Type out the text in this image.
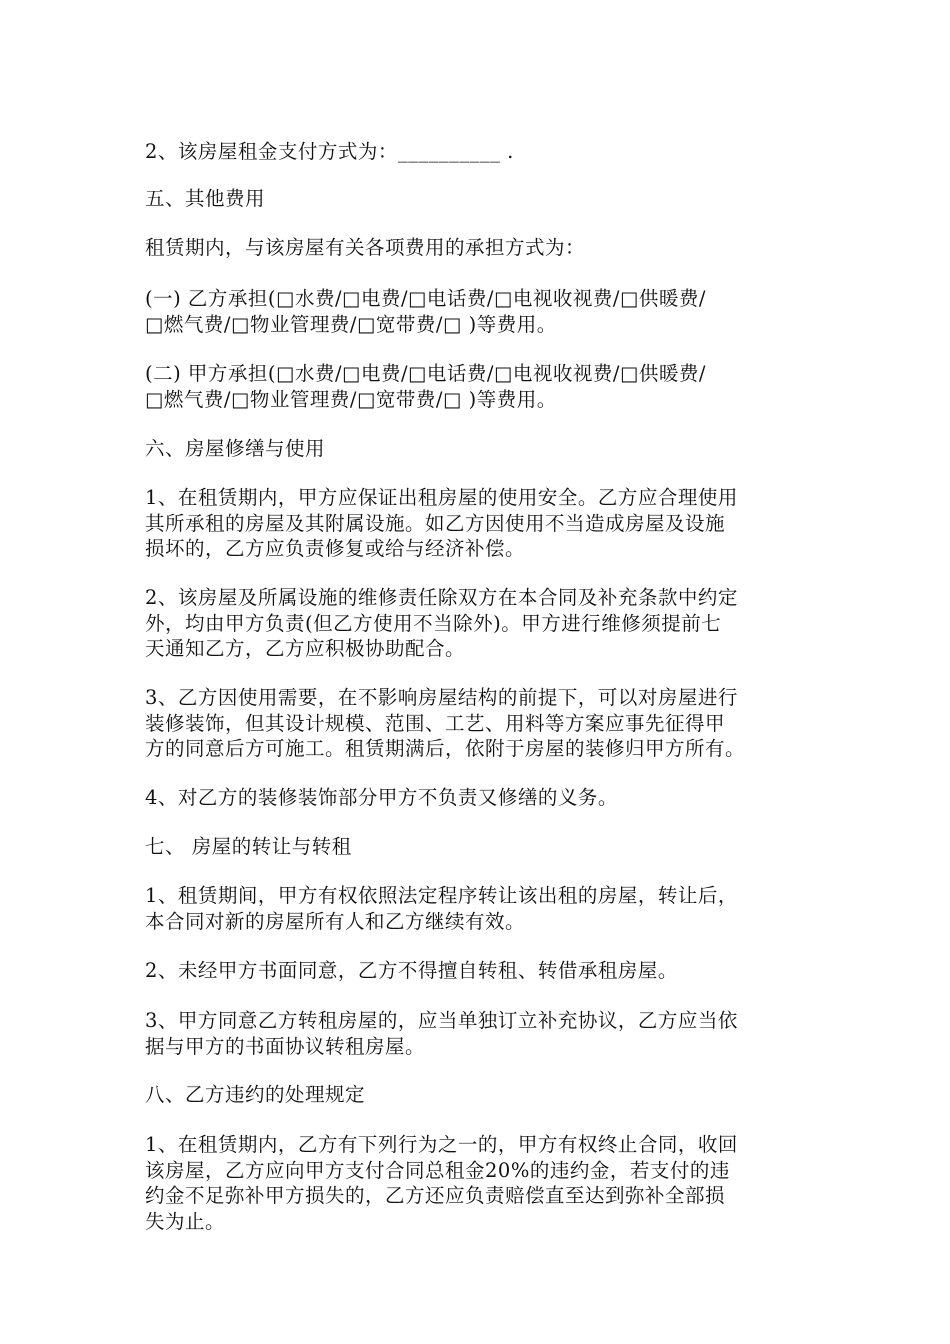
2、该房屋租金支付方式为：__________ .

五、其他费用

租赁期内，与该房屋有关各项费用的承担方式为：

(一) 乙方承担(□水费/□电费/□电话费/□电视收视费/□供暖费/
□燃气费/□物业管理费/□宽带费/□ )等费用。

(二) 甲方承担(□水费/□电费/□电话费/□电视收视费/□供暖费/
□燃气费/□物业管理费/□宽带费/□ )等费用。

六、房屋修缮与使用

1、在租赁期内，甲方应保证出租房屋的使用安全。乙方应合理使用
其所承租的房屋及其附属设施。如乙方因使用不当造成房屋及设施
损坏的，乙方应负责修复或给与经济补偿。

2、该房屋及所属设施的维修责任除双方在本合同及补充条款中约定
外，均由甲方负责(但乙方使用不当除外)。甲方进行维修须提前七
天通知乙方，乙方应积极协助配合。

3、乙方因使用需要，在不影响房屋结构的前提下，可以对房屋进行
装修装饰，但其设计规模、范围、工艺、用料等方案应事先征得甲
方的同意后方可施工。租赁期满后，依附于房屋的装修归甲方所有。

4、对乙方的装修装饰部分甲方不负责又修缮的义务。

七、 房屋的转让与转租

1、租赁期间，甲方有权依照法定程序转让该出租的房屋，转让后，
本合同对新的房屋所有人和乙方继续有效。

2、未经甲方书面同意，乙方不得擅自转租、转借承租房屋。

3、甲方同意乙方转租房屋的，应当单独订立补充协议，乙方应当依
据与甲方的书面协议转租房屋。

八、乙方违约的处理规定

1、在租赁期内，乙方有下列行为之一的，甲方有权终止合同，收回
该房屋，乙方应向甲方支付合同总租金20%的违约金，若支付的违
约金不足弥补甲方损失的，乙方还应负责赔偿直至达到弥补全部损
失为止。
